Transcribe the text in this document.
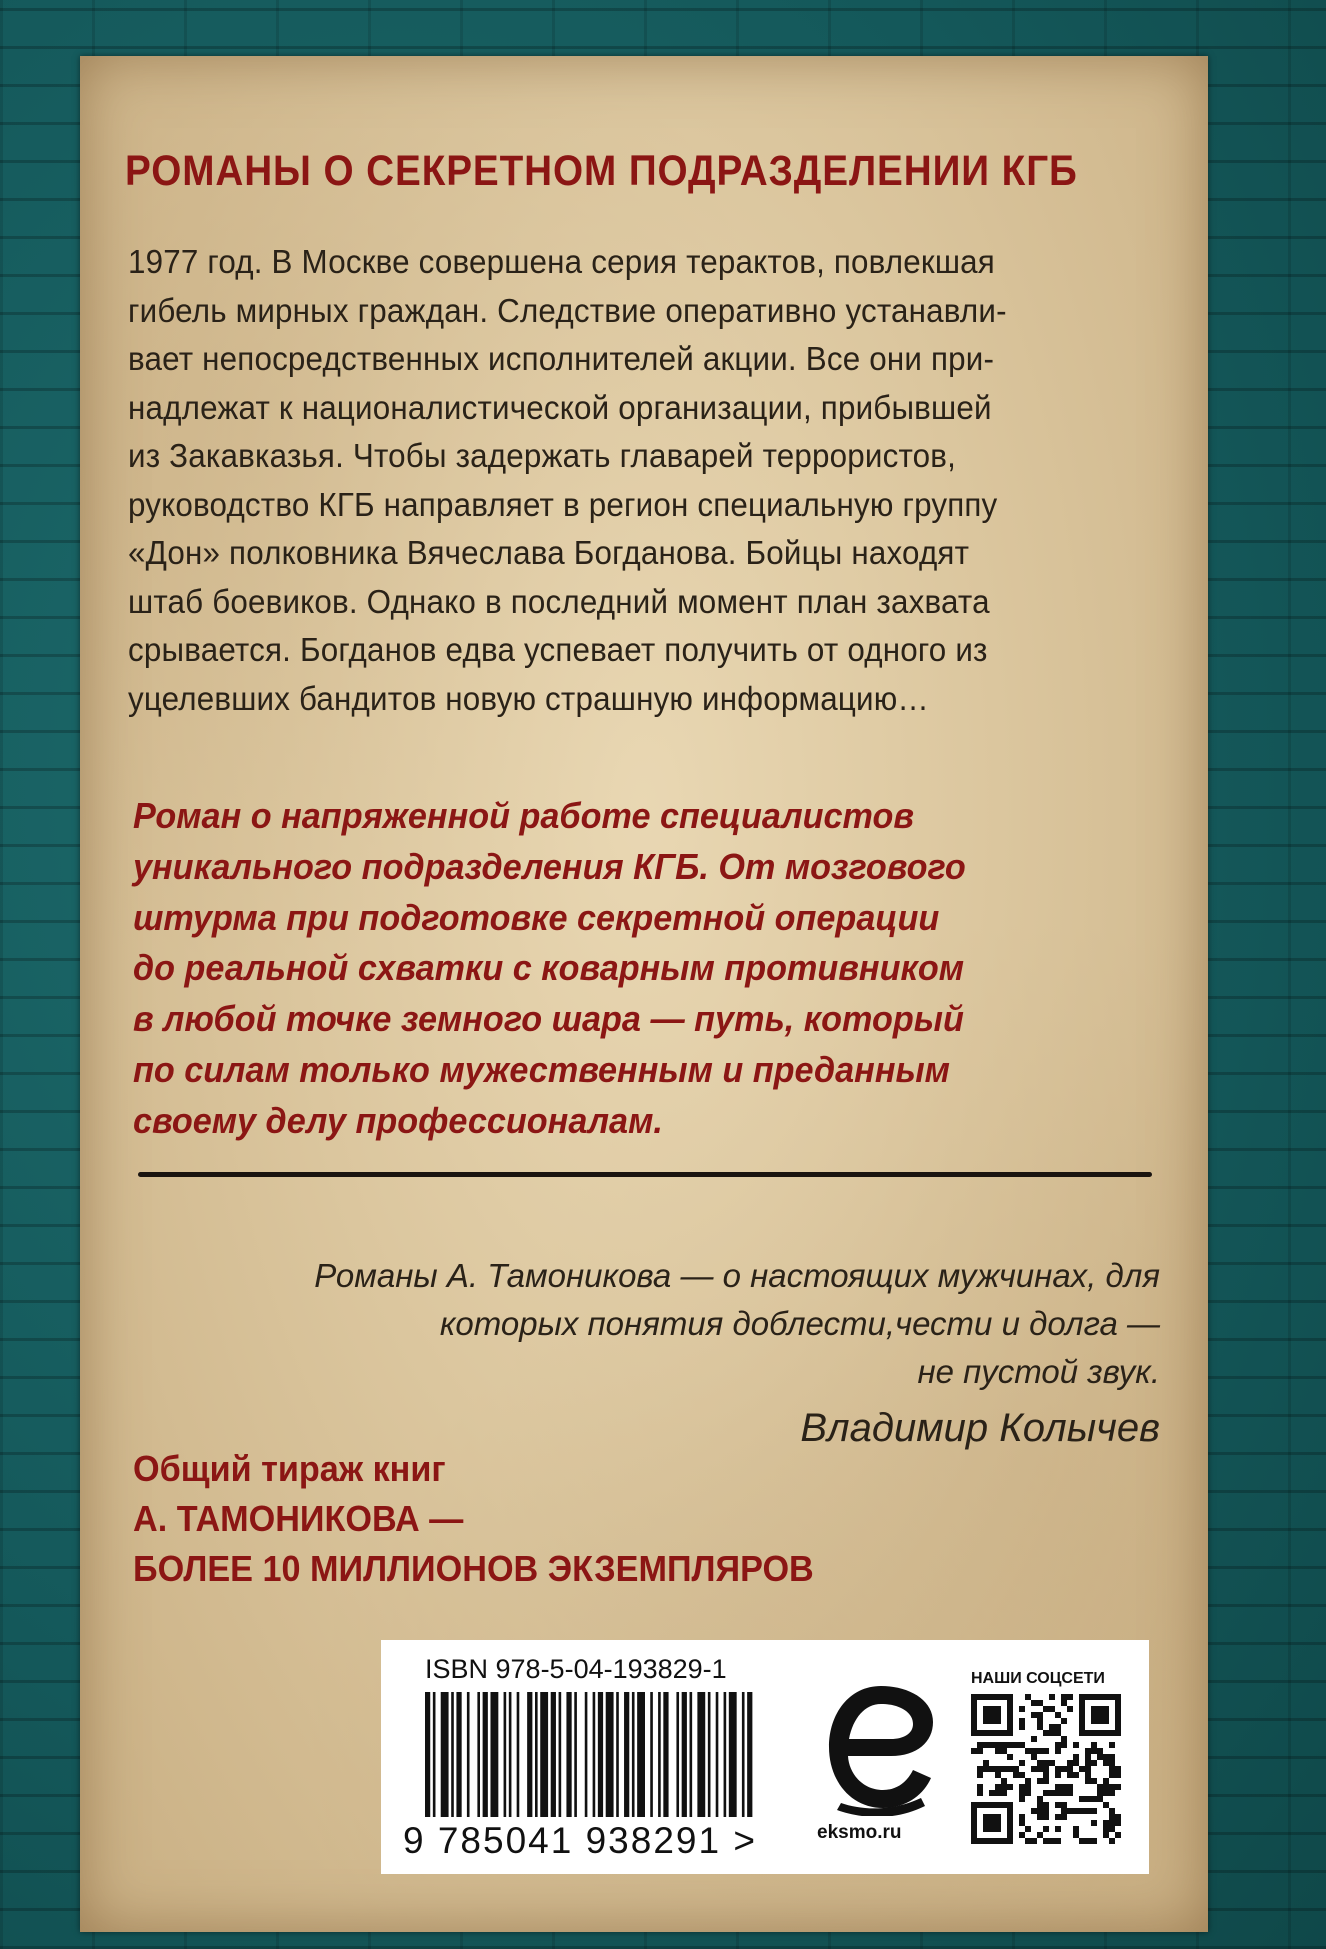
РОМАНЫ О СЕКРЕТНОМ ПОДРАЗДЕЛЕНИИ КГБ
1977 год. В Москве совершена серия терактов, повлекшая
гибель мирных граждан. Следствие оперативно устанавли-
вает непосредственных исполнителей акции. Все они при-
надлежат к националистической организации, прибывшей
из Закавказья. Чтобы задержать главарей террористов,
руководство КГБ направляет в регион специальную группу
«Дон» полковника Вячеслава Богданова. Бойцы находят
штаб боевиков. Однако в последний момент план захвата
срывается. Богданов едва успевает получить от одного из
уцелевших бандитов новую страшную информацию…
Роман о напряженной работе специалистов
уникального подразделения КГБ. От мозгового
штурма при подготовке секретной операции
до реальной схватки с коварным противником
в любой точке земного шара — путь, который
по силам только мужественным и преданным
своему делу профессионалам.
Романы А. Тамоникова — о настоящих мужчинах, для
которых понятия доблести,чести и долга —
не пустой звук.
Владимир Колычев
Общий тираж книг
А. ТАМОНИКОВА —
БОЛЕЕ 10 МИЛЛИОНОВ ЭКЗЕМПЛЯРОВ
ISBN 978-5-04-193829-1
9 785041 938291 >	eksmo.ru
НАШИ СОЦСЕТИ
